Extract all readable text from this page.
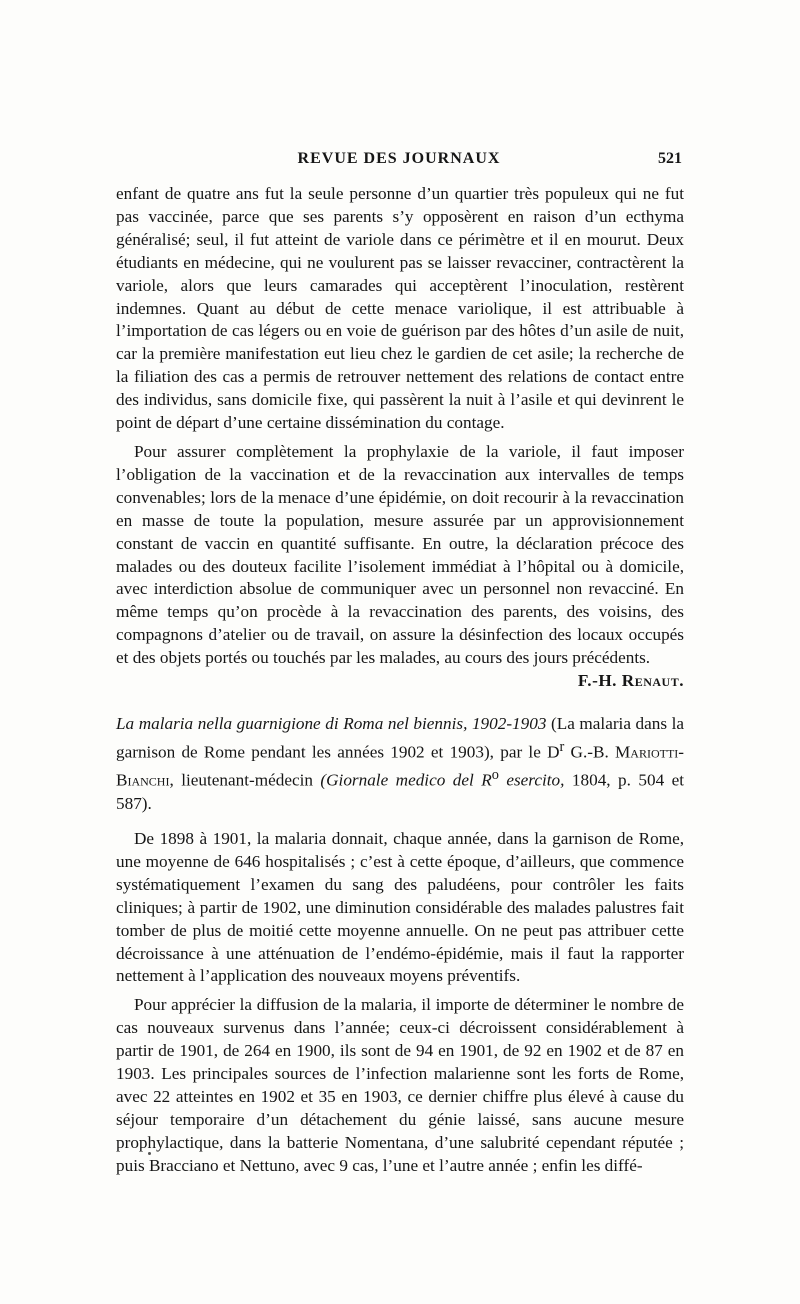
REVUE DES JOURNAUX	521

enfant de quatre ans fut la seule personne d’un quartier très populeux qui ne fut pas vaccinée, parce que ses parents s’y opposèrent en raison d’un ecthyma généralisé; seul, il fut atteint de variole dans ce périmètre et il en mourut. Deux étudiants en médecine, qui ne voulurent pas se laisser revacciner, contractèrent la variole, alors que leurs camarades qui acceptèrent l’inoculation, restèrent indemnes. Quant au début de cette menace variolique, il est attribuable à l’importation de cas légers ou en voie de guérison par des hôtes d’un asile de nuit, car la première manifestation eut lieu chez le gardien de cet asile; la recherche de la filiation des cas a permis de retrouver nettement des relations de contact entre des individus, sans domicile fixe, qui passèrent la nuit à l’asile et qui devinrent le point de départ d’une certaine dissémination du contage.

Pour assurer complètement la prophylaxie de la variole, il faut imposer l’obligation de la vaccination et de la revaccination aux intervalles de temps convenables; lors de la menace d’une épidémie, on doit recourir à la revaccination en masse de toute la population, mesure assurée par un approvisionnement constant de vaccin en quantité suffisante. En outre, la déclaration précoce des malades ou des douteux facilite l’isolement immédiat à l’hôpital ou à domicile, avec interdiction absolue de communiquer avec un personnel non revacciné. En même temps qu’on procède à la revaccination des parents, des voisins, des compagnons d’atelier ou de travail, on assure la désinfection des locaux occupés et des objets portés ou touchés par les malades, au cours des jours précédents.

F.-H. Renaut.

La malaria nella guarnigione di Roma nel biennis, 1902-1903 (La malaria dans la garnison de Rome pendant les années 1902 et 1903), par le $D^r$ G.-B. Mariotti-Bianchi, lieutenant-médecin (Giornale medico del $R^o$ esercito, 1804, p. 504 et 587).

De 1898 à 1901, la malaria donnait, chaque année, dans la garnison de Rome, une moyenne de 646 hospitalisés ; c’est à cette époque, d’ailleurs, que commence systématiquement l’examen du sang des paludéens, pour contrôler les faits cliniques; à partir de 1902, une diminution considérable des malades palustres fait tomber de plus de moitié cette moyenne annuelle. On ne peut pas attribuer cette décroissance à une atténuation de l’endémo-épidémie, mais il faut la rapporter nettement à l’application des nouveaux moyens préventifs.

Pour apprécier la diffusion de la malaria, il importe de déterminer le nombre de cas nouveaux survenus dans l’année; ceux-ci décroissent considérablement à partir de 1901, de 264 en 1900, ils sont de 94 en 1901, de 92 en 1902 et de 87 en 1903. Les principales sources de l’infection malarienne sont les forts de Rome, avec 22 atteintes en 1902 et 35 en 1903, ce dernier chiffre plus élevé à cause du séjour temporaire d’un détachement du génie laissé, sans aucune mesure prophylactique, dans la batterie Nomentana, d’une salubrité cependant réputée ; puis Bracciano et Nettuno, avec 9 cas, l’une et l’autre année ; enfin les diffé-
